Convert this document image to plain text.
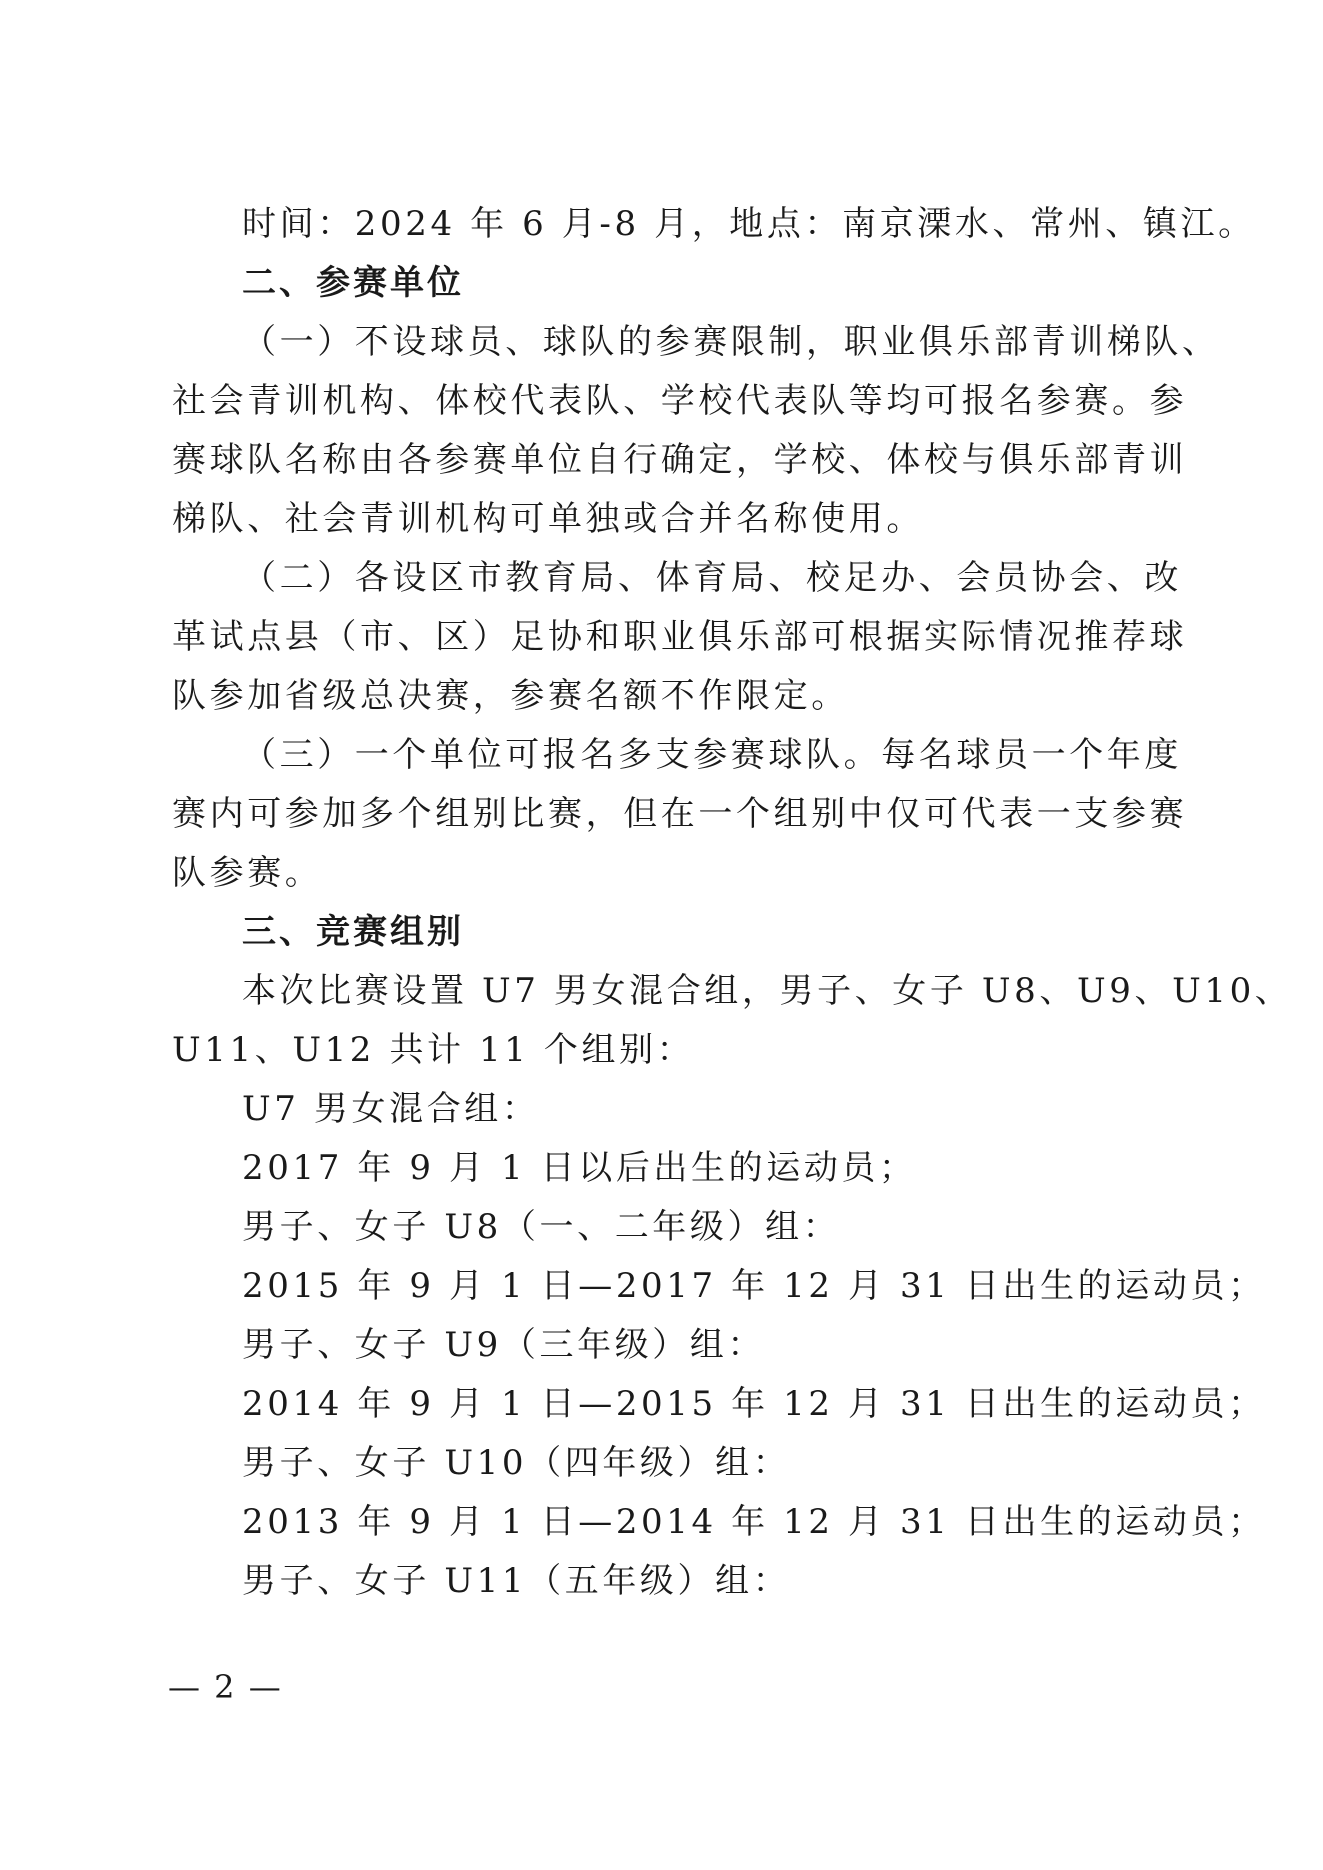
时间：2024 年 6 月-8 月，地点：南京溧水、常州、镇江。
二、参赛单位
（一）不设球员、球队的参赛限制，职业俱乐部青训梯队、
社会青训机构、体校代表队、学校代表队等均可报名参赛。参
赛球队名称由各参赛单位自行确定，学校、体校与俱乐部青训
梯队、社会青训机构可单独或合并名称使用。
（二）各设区市教育局、体育局、校足办、会员协会、改
革试点县（市、区）足协和职业俱乐部可根据实际情况推荐球
队参加省级总决赛，参赛名额不作限定。
（三）一个单位可报名多支参赛球队。每名球员一个年度
赛内可参加多个组别比赛，但在一个组别中仅可代表一支参赛
队参赛。
三、竞赛组别
本次比赛设置 U7 男女混合组，男子、女子 U8、U9、U10、
U11、U12 共计 11 个组别：
U7 男女混合组：
2017 年 9 月 1 日以后出生的运动员；
男子、女子 U8（一、二年级）组：
2015 年 9 月 1 日—2017 年 12 月 31 日出生的运动员；
男子、女子 U9（三年级）组：
2014 年 9 月 1 日—2015 年 12 月 31 日出生的运动员；
男子、女子 U10（四年级）组：
2013 年 9 月 1 日—2014 年 12 月 31 日出生的运动员；
男子、女子 U11（五年级）组：
— 2 —
